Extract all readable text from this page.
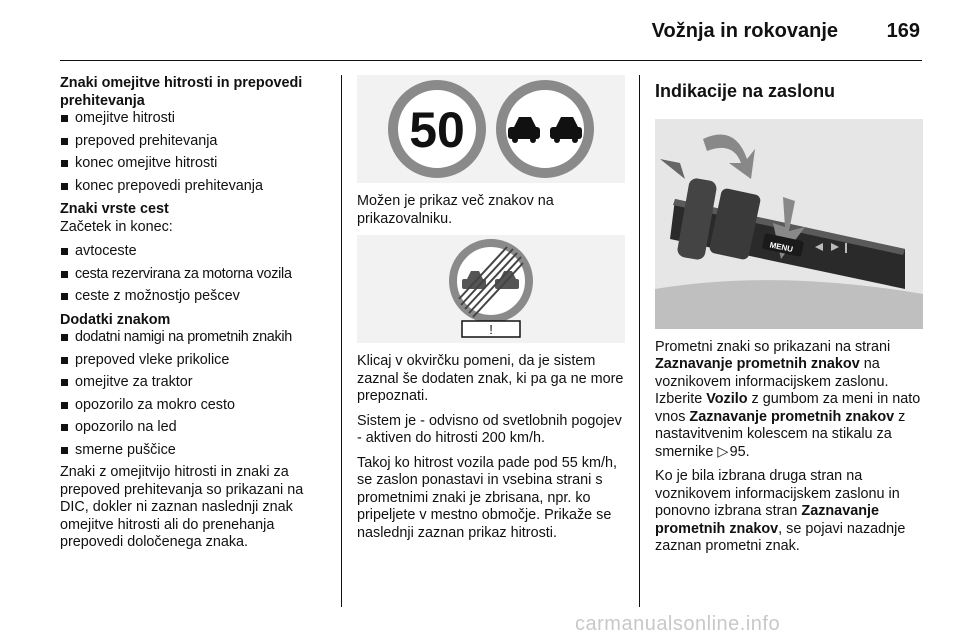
Vožnja in rokovanje 169
Znaki omejitve hitrosti in prepovedi prehitevanja
omejitve hitrosti
prepoved prehitevanja
konec omejitve hitrosti
konec prepovedi prehitevanja
Znaki vrste cest

Začetek in konec:

avtoceste
cesta rezervirana za motorna vozila
ceste z možnostjo pešcev
Dodatki znakom
dodatni namigi na prometnih znakih
prepoved vleke prikolice
omejitve za traktor
opozorilo za mokro cesto
opozorilo na led
smerne puščice

Znaki z omejitvijo hitrosti in znaki za prepoved prehitevanja so prikazani na DIC, dokler ni zaznan naslednji znak omejitve hitrosti ali do prenehanja prepovedi določenega znaka.

50

Možen je prikaz več znakov na prikazovalniku.

!

Klicaj v okvirčku pomeni, da je sistem zaznal še dodaten znak, ki pa ga ne more prepoznati.

Sistem je - odvisno od svetlobnih pogojev - aktiven do hitrosti 200 km/h.

Takoj ko hitrost vozila pade pod 55 km/h, se zaslon ponastavi in vsebina strani s prometnimi znaki je zbrisana, npr. ko pripeljete v mestno območje. Prikaže se naslednji zaznan prikaz hitrosti.

Indikacije na zaslonu
MENU

Prometni znaki so prikazani na strani Zaznavanje prometnih znakov na voznikovem informacijskem zaslonu. Izberite Vozilo z gumbom za meni in nato vnos Zaznavanje prometnih znakov z nastavitvenim kolescem na stikalu za smernike ▷ 95.

Ko je bila izbrana druga stran na voznikovem informacijskem zaslonu in ponovno izbrana stran Zaznavanje prometnih znakov, se pojavi nazadnje zaznan prometni znak.

carmanualsonline.info
